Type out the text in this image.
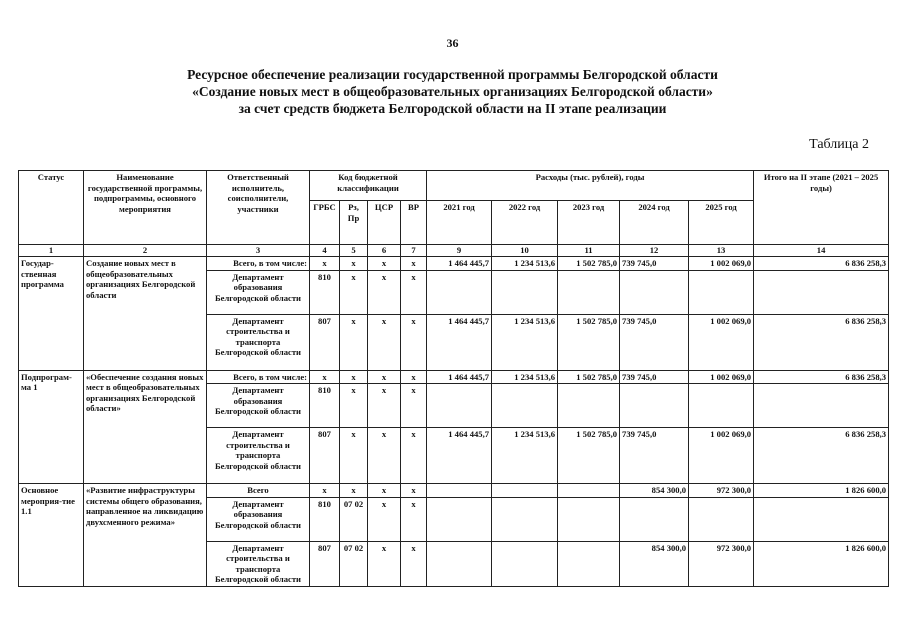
36
Ресурсное обеспечение реализации государственной программы Белгородской области
«Создание новых мест в общеобразовательных организациях Белгородской области»
за счет средств бюджета Белгородской области на II этапе реализации
Таблица 2
Статус	Наименование государственной программы, подпрограммы, основного мероприятия	Ответственный исполнитель, соисполнители, участники	Код бюджетной классификации				Расходы (тыс. рублей), годы					Итого на II этапе (2021 – 2025 годы)
			ГРБС	Рз, Пр	ЦСР	ВР	2021 год	2022 год	2023 год	2024 год	2025 год	
1	2	3	4	5	6	7	9	10	11	12	13	14
Государ-ственная программа	Создание новых мест в общеобразовательных организациях Белгородской области	Всего, в том числе:	x	x	x	x	1 464 445,7	1 234 513,6	1 502 785,0	739 745,0	1 002 069,0	6 836 258,3
		Департамент образования Белгородской области	810	x	x	x						
		Департамент строительства и транспорта Белгородской области	807	x	x	x	1 464 445,7	1 234 513,6	1 502 785,0	739 745,0	1 002 069,0	6 836 258,3
Подпрограм-ма 1	«Обеспечение создания новых мест в общеобразовательных организациях Белгородской области»	Всего, в том числе:	x	x	x	x	1 464 445,7	1 234 513,6	1 502 785,0	739 745,0	1 002 069,0	6 836 258,3
		Департамент образования Белгородской области	810	x	x	x						
		Департамент строительства и транспорта Белгородской области	807	x	x	x	1 464 445,7	1 234 513,6	1 502 785,0	739 745,0	1 002 069,0	6 836 258,3
Основное мероприя-тие 1.1	«Развитие инфраструктуры системы общего образования, направленное на ликвидацию двухсменного режима»	Всего	x	x	x	x				854 300,0	972 300,0	1 826 600,0
		Департамент образования Белгородской области	810	07 02	x	x						
		Департамент строительства и транспорта Белгородской области	807	07 02	x	x				854 300,0	972 300,0	1 826 600,0
